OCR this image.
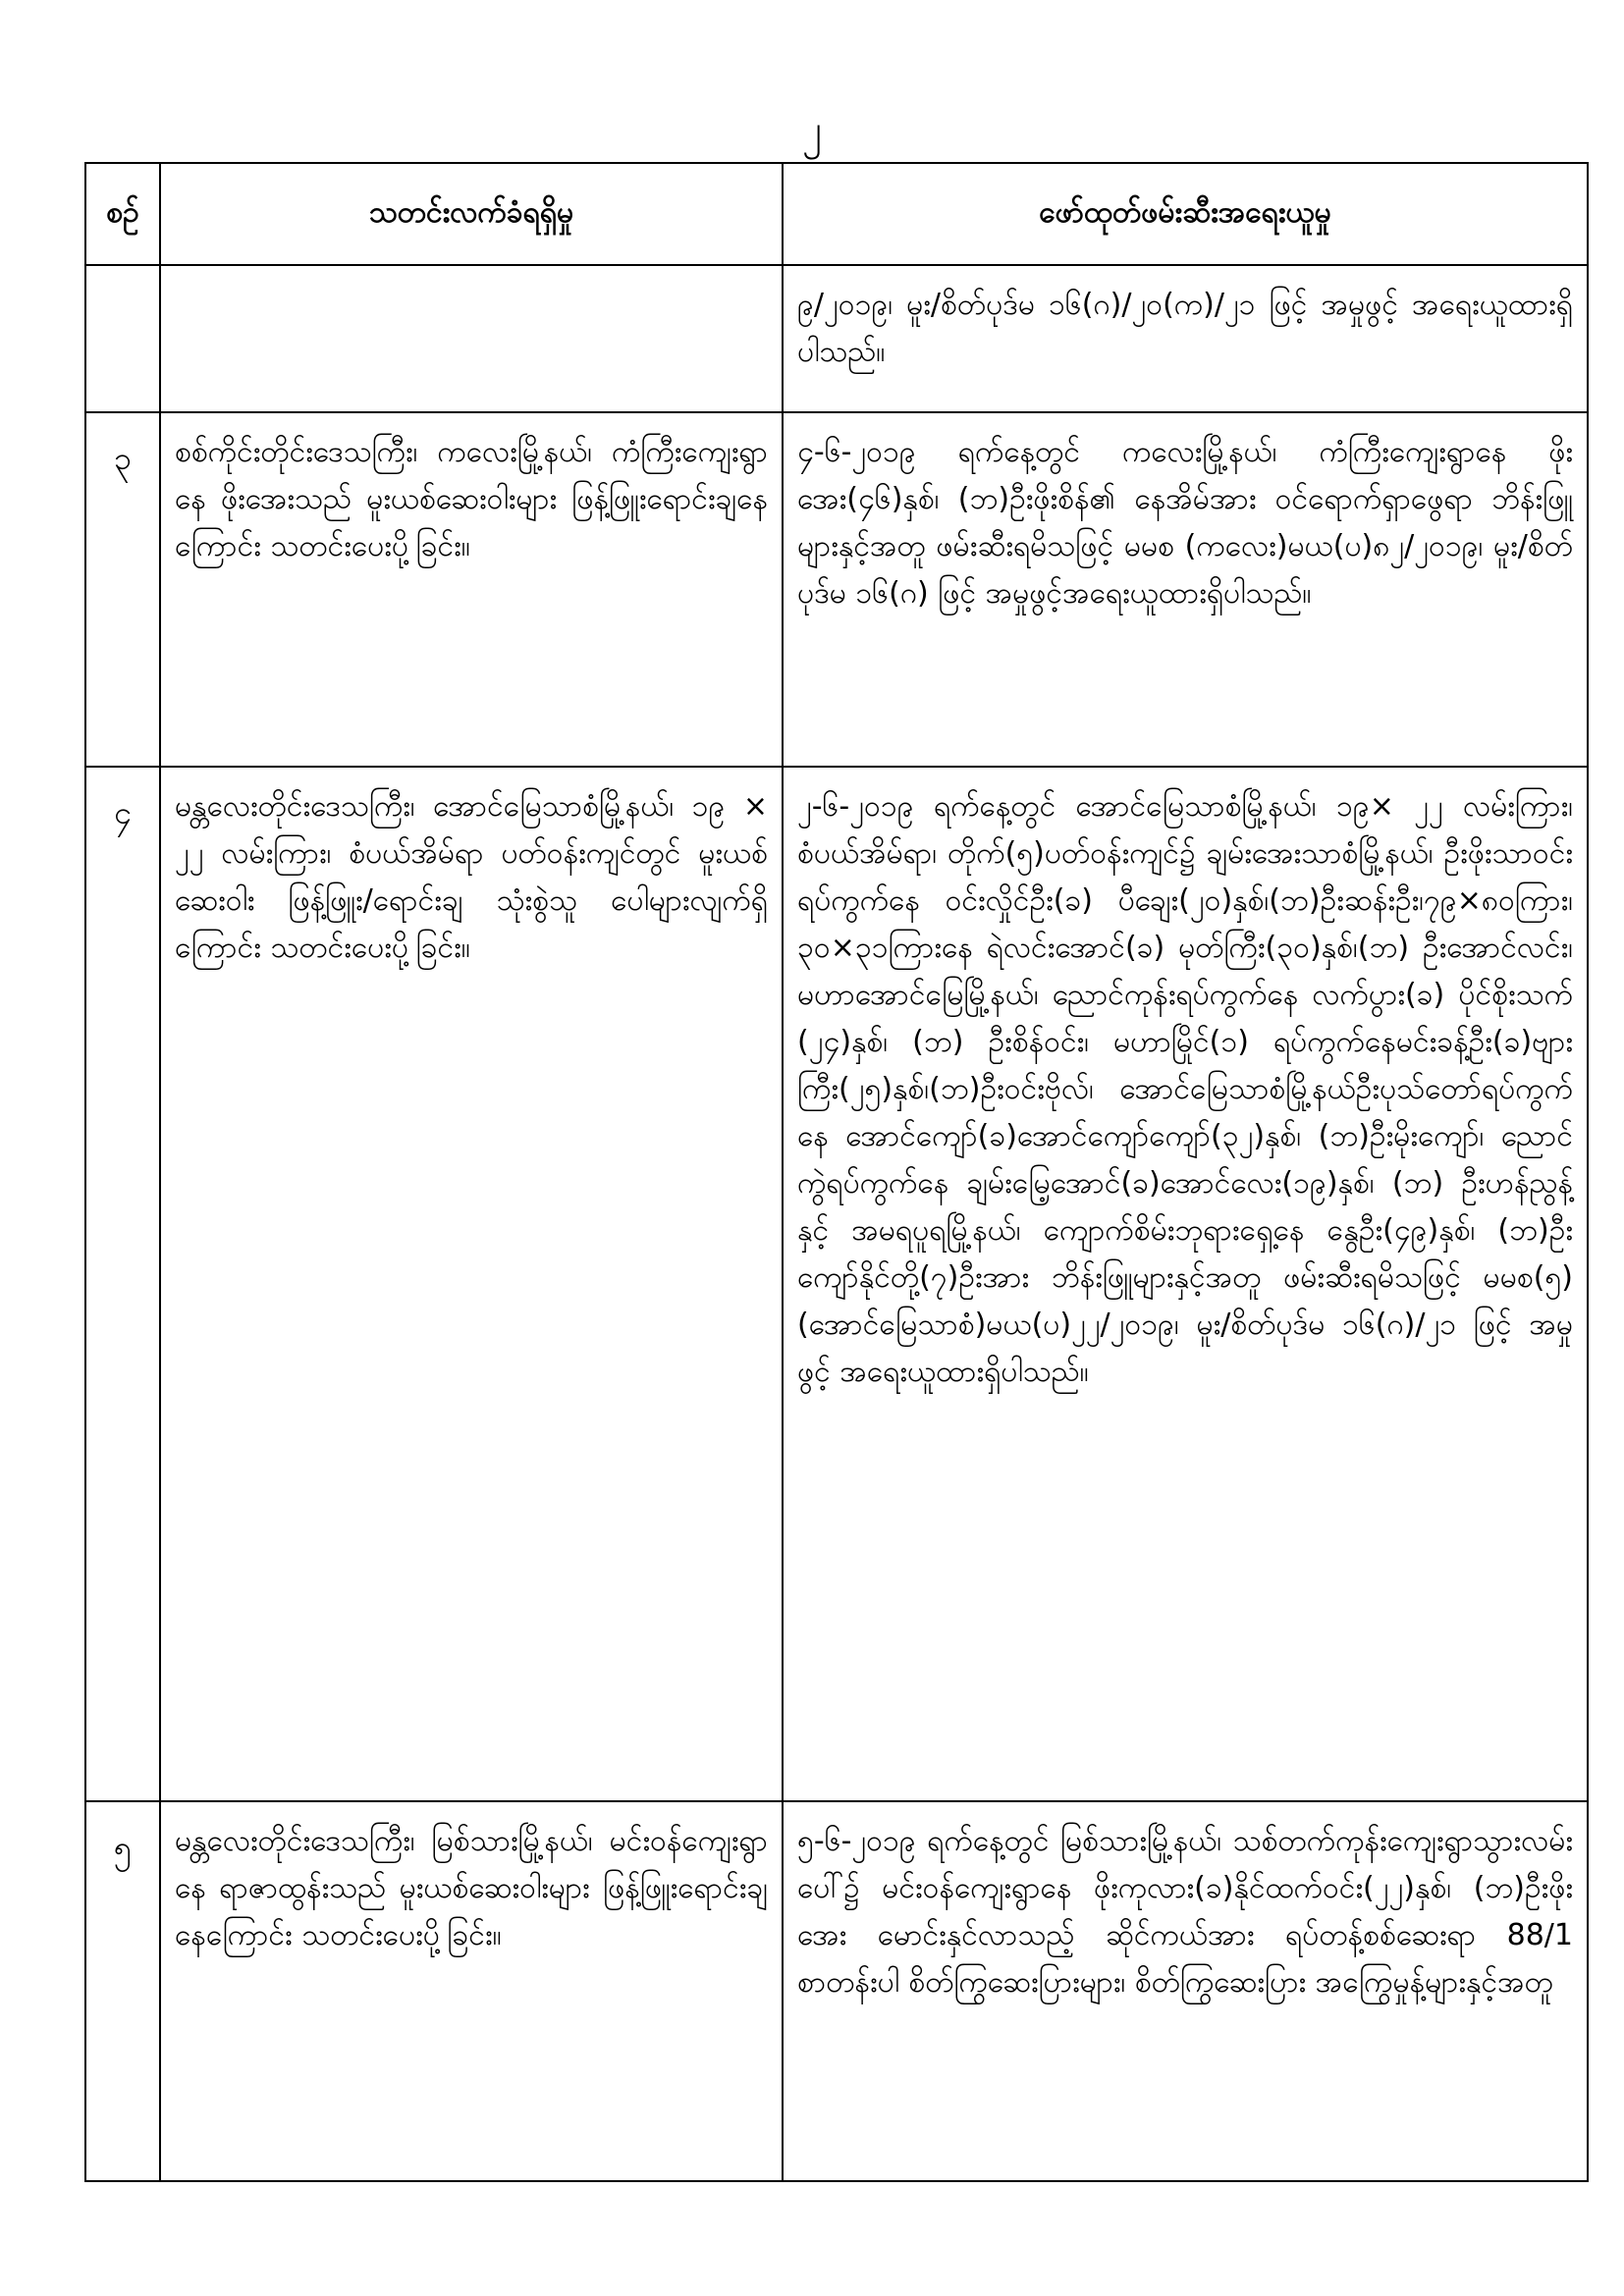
၂
စဉ်	သတင်းလက်ခံရရှိမှု	ဖော်ထုတ်ဖမ်းဆီးအရေးယူမှု

		၉/၂၀၁၉၊ မူး/စိတ်ပုဒ်မ ၁၆(ဂ)/၂၀(က)/၂၁ ဖြင့် အမှုဖွင့် အရေးယူထားရှိပါသည်။

၃	စစ်ကိုင်းတိုင်းဒေသကြီး၊ ကလေးမြို့နယ်၊ ကံကြီးကျေးရွာနေ ဖိုးအေးသည် မူးယစ်ဆေးဝါးများ ဖြန့်ဖြူးရောင်းချနေကြောင်း သတင်းပေးပို့ခြင်း။	၄-၆-၂၀၁၉ ရက်နေ့တွင် ကလေးမြို့နယ်၊ ကံကြီးကျေးရွာနေ ဖိုးအေး(၄၆)နှစ်၊ (ဘ)ဦးဖိုးစိန်၏ နေအိမ်အား ဝင်ရောက်ရှာဖွေရာ ဘိန်းဖြူများနှင့်အတူ ဖမ်းဆီးရမိသဖြင့် မမစ (ကလေး)မယ(ပ)၈၂/၂၀၁၉၊ မူး/စိတ်ပုဒ်မ ၁၆(ဂ) ဖြင့် အမှုဖွင့်အရေးယူထားရှိပါသည်။

၄	မန္တလေးတိုင်းဒေသကြီး၊ အောင်မြေသာစံမြို့နယ်၊ ၁၉ × ၂၂ လမ်းကြား၊ စံပယ်အိမ်ရာ ပတ်ဝန်းကျင်တွင် မူးယစ်ဆေးဝါး ဖြန့်ဖြူး/ရောင်းချ သုံးစွဲသူ ပေါများလျက်ရှိကြောင်း သတင်းပေးပို့ခြင်း။	၂-၆-၂၀၁၉ ရက်နေ့တွင် အောင်မြေသာစံမြို့နယ်၊ ၁၉× ၂၂ လမ်းကြား၊ စံပယ်အိမ်ရာ၊ တိုက်(၅)ပတ်ဝန်းကျင်၌ ချမ်းအေးသာစံမြို့နယ်၊ ဦးဖိုးသာဝင်းရပ်ကွက်နေ ဝင်းလှိုင်ဦး(ခ) ပီချေး(၂၀)နှစ်၊(ဘ)ဦးဆန်းဦး၊၇၉×၈၀ကြား၊၃၀×၃၁ကြားနေ ရဲလင်းအောင်(ခ) မုတ်ကြီး(၃၀)နှစ်၊(ဘ) ဦးအောင်လင်း၊ မဟာအောင်မြေမြို့နယ်၊ ညောင်ကုန်းရပ်ကွက်နေ လက်ပွား(ခ) ပိုင်စိုးသက် (၂၄)နှစ်၊ (ဘ) ဦးစိန်ဝင်း၊ မဟာမြိုင်(၁) ရပ်ကွက်နေမင်းခန့်ဦး(ခ)ဗျားကြီး(၂၅)နှစ်၊(ဘ)ဦးဝင်းဗိုလ်၊ အောင်မြေသာစံမြို့နယ်ဦးပုသ်တော်ရပ်ကွက်နေ အောင်ကျော်(ခ)အောင်ကျော်ကျော်(၃၂)နှစ်၊ (ဘ)ဦးမိုးကျော်၊ ညောင်ကွဲရပ်ကွက်နေ ချမ်းမြေ့အောင်(ခ)အောင်လေး(၁၉)နှစ်၊ (ဘ) ဦးဟန်ညွန့်နှင့် အမရပူရမြို့နယ်၊ ကျောက်စိမ်းဘုရားရှေ့နေ နွေဦး(၄၉)နှစ်၊ (ဘ)ဦးကျော်နိုင်တို့(၇)ဦးအား ဘိန်းဖြူများနှင့်အတူ ဖမ်းဆီးရမိသဖြင့် မမစ(၅) (အောင်မြေသာစံ)မယ(ပ)၂၂/၂၀၁၉၊ မူး/စိတ်ပုဒ်မ ၁၆(ဂ)/၂၁ ဖြင့် အမှုဖွင့် အရေးယူထားရှိပါသည်။

၅	မန္တလေးတိုင်းဒေသကြီး၊ မြစ်သားမြို့နယ်၊ မင်းဝန်ကျေးရွာနေ ရာဇာထွန်းသည် မူးယစ်ဆေးဝါးများ ဖြန့်ဖြူးရောင်းချနေကြောင်း သတင်းပေးပို့ခြင်း။	၅-၆-၂၀၁၉ ရက်နေ့တွင် မြစ်သားမြို့နယ်၊ သစ်တက်ကုန်းကျေးရွာသွားလမ်းပေါ်၌ မင်းဝန်ကျေးရွာနေ ဖိုးကုလား(ခ)နိုင်ထက်ဝင်း(၂၂)နှစ်၊ (ဘ)ဦးဖိုးအေး မောင်းနှင်လာသည့် ဆိုင်ကယ်အား ရပ်တန့်စစ်ဆေးရာ 88/1 စာတန်းပါ စိတ်ကြွဆေးပြားများ၊ စိတ်ကြွဆေးပြား အကြွေမှုန့်များနှင့်အတူ
